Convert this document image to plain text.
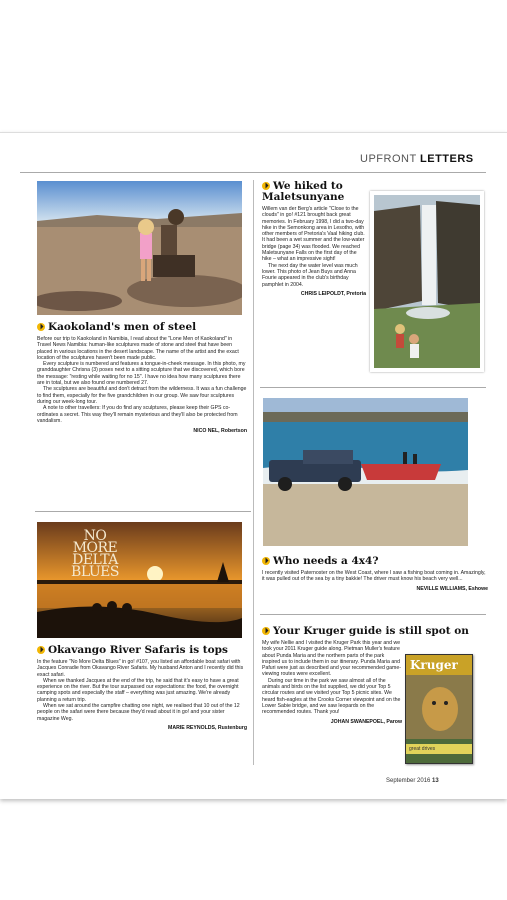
UPFRONT LETTERS
Kaokoland's men of steel

Before our trip to Kaokoland in Namibia, I read about the "Lone Men of Kaokoland" in Travel News Namibia: human-like sculptures made of stone and steel that have been placed in various locations in the desert landscape. The name of the artist and the exact location of the sculptures haven't been made public.

Every sculpture is numbered and features a tongue-in-cheek message. In this photo, my granddaughter Chrisna (3) poses next to a sitting sculpture that we discovered, which bore the message: "resting while waiting for no 15". I have no idea how many sculptures there are in total, but we also found one numbered 27.

The sculptures are beautiful and don't detract from the wilderness. It was a fun challenge to find them, especially for the five grandchildren in our group. We saw four sculptures during our week-long tour.

A note to other travellers: If you do find any sculptures, please keep their GPS co-ordinates a secret. This way they'll remain mysterious and they'll also be protected from vandalism.

NICO NEL, Robertson
NO MORE DELTA BLUES
Okavango River Safaris is tops

In the feature "No More Delta Blues" in go! #107, you listed an affordable boat safari with Jacques Conradie from Okavango River Safaris. My husband Anton and I recently did this exact safari.

When we thanked Jacques at the end of the trip, he said that it's easy to have a great experience on the river. But the tour surpassed our expectations: the food, the overnight camping spots and especially the staff – everything was just amazing. We're already planning a return trip.

When we sat around the campfire chatting one night, we realised that 10 out of the 12 people on the safari were there because they'd read about it in go! and your sister magazine Weg.

MARIE REYNOLDS, Rustenburg
We hiked to
Maletsunyane

Willem van der Berg's article "Close to the clouds" in go! #121 brought back great memories. In February 1998, I did a two-day hike in the Semonkong area in Lesotho, with other members of Pretoria's Vaal hiking club. It had been a wet summer and the low-water bridge (page 34) was flooded. We reached Maletsunyane Falls on the first day of the hike – what an impressive sight!

The next day the water level was much lower. This photo of Jean Buys and Anna Fourie appeared in the club's birthday pamphlet in 2004.

CHRIS LEIPOLDT, Pretoria
Who needs a 4x4?

I recently visited Paternoster on the West Coast, where I saw a fishing boat coming in. Amazingly, it was pulled out of the sea by a tiny bakkie! The driver must know his beach very well...

NEVILLE WILLIAMS, Eshowe
Your Kruger guide is still spot on

My wife Nellie and I visited the Kruger Park this year and we took your 2011 Kruger guide along. Pietman Muller's feature about Punda Maria and the northern parts of the park inspired us to include them in our itinerary. Punda Maria and Pafuri were just as described and your recommended game-viewing routes were excellent.

During our time in the park we saw almost all of the animals and birds on the list supplied, we did your Top 5 circular routes and we visited your Top 5 picnic sites. We heard fish-eagles at the Crooks Corner viewpoint and on the Lower Sabie bridge, and we saw leopards on the recommended routes. Thank you!

JOHAN SWANEPOEL, Parow
Kruger
great drives
September 2016 13
